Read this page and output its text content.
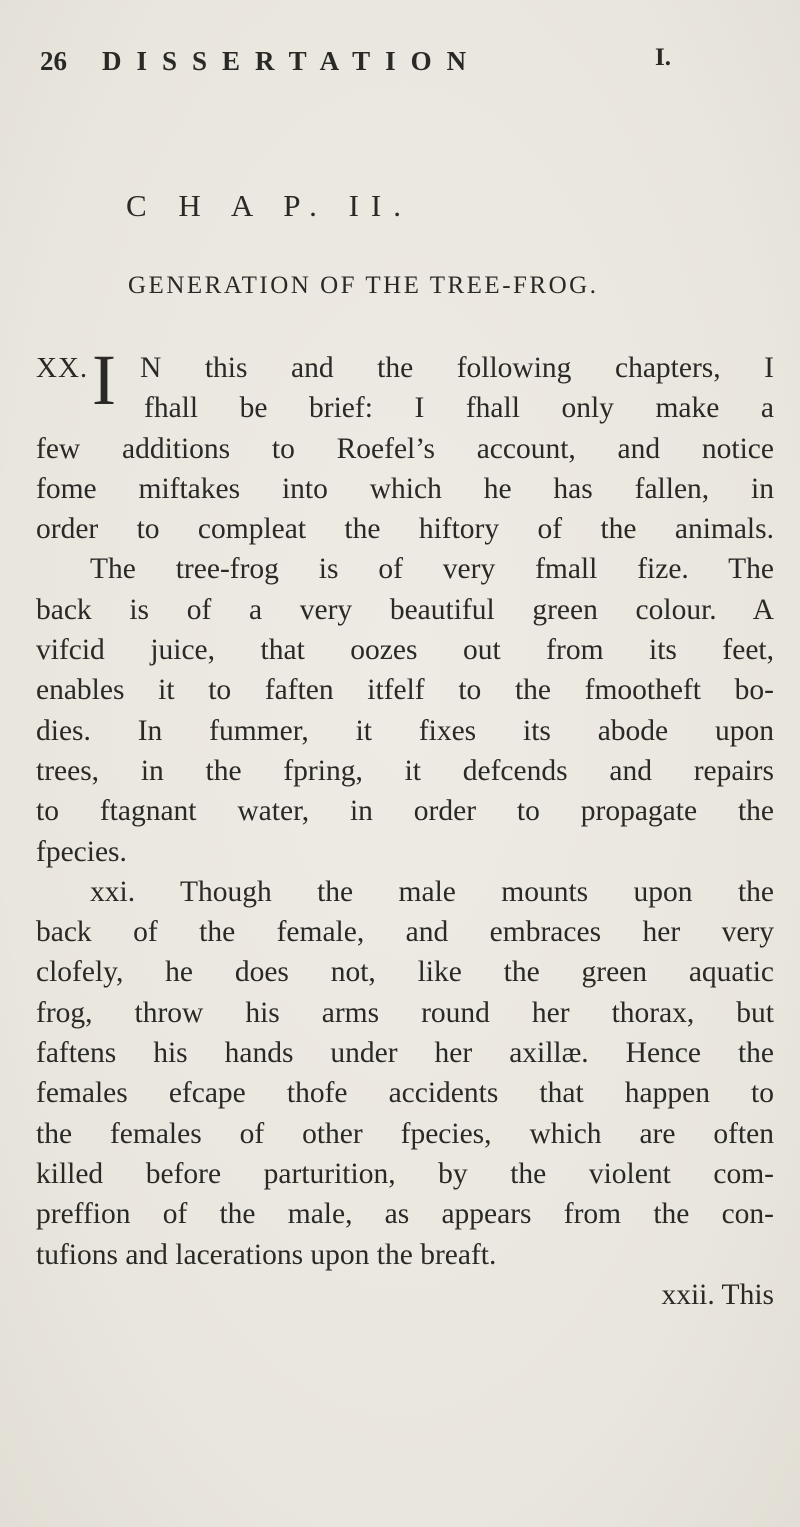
26 DISSERTATION	I.
C H A P. II.
GENERATION OF THE TREE-FROG.
XX. I N this and the following chapters, I
fhall be brief: I fhall only make a
few additions to Roefel’s account, and notice
fome miftakes into which he has fallen, in
order to compleat the hiftory of the animals.
The tree-frog is of very fmall fize. The
back is of a very beautiful green colour. A
vifcid juice, that oozes out from its feet,
enables it to faften itfelf to the fmootheft bo-
dies. In fummer, it fixes its abode upon
trees, in the fpring, it defcends and repairs
to ftagnant water, in order to propagate the
fpecies.
xxi. Though the male mounts upon the
back of the female, and embraces her very
clofely, he does not, like the green aquatic
frog, throw his arms round her thorax, but
faftens his hands under her axillæ. Hence the
females efcape thofe accidents that happen to
the females of other fpecies, which are often
killed before parturition, by the violent com-
preffion of the male, as appears from the con-
tufions and lacerations upon the breaft.
xxii. This
